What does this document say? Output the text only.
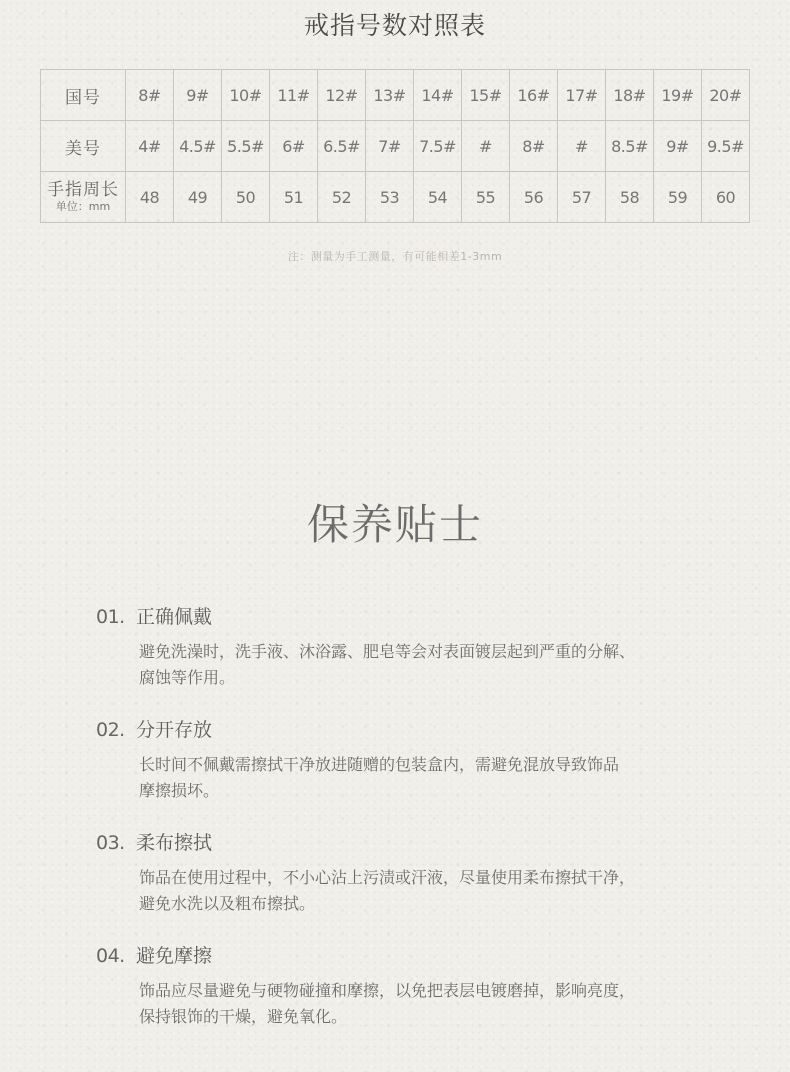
戒指号数对照表
国号	8#	9#	10#	11#	12#	13#	14#	15#	16#	17#	18#	19#	20#
美号	4#	4.5#	5.5#	6#	6.5#	7#	7.5#	#	8#	#	8.5#	9#	9.5#

手指周长
单位：mm	48	49	50	51	52	53	54	55	56	57	58	59	60
注：测量为手工测量，有可能相差1-3mm
保养贴士
01. 正确佩戴
避免洗澡时，洗手液、沐浴露、肥皂等会对表面镀层起到严重的分解、
腐蚀等作用。
02. 分开存放
长时间不佩戴需擦拭干净放进随赠的包装盒内，需避免混放导致饰品
摩擦损坏。
03. 柔布擦拭
饰品在使用过程中，不小心沾上污渍或汗液，尽量使用柔布擦拭干净，
避免水洗以及粗布擦拭。
04. 避免摩擦
饰品应尽量避免与硬物碰撞和摩擦，以免把表层电镀磨掉，影响亮度，
保持银饰的干燥，避免氧化。
